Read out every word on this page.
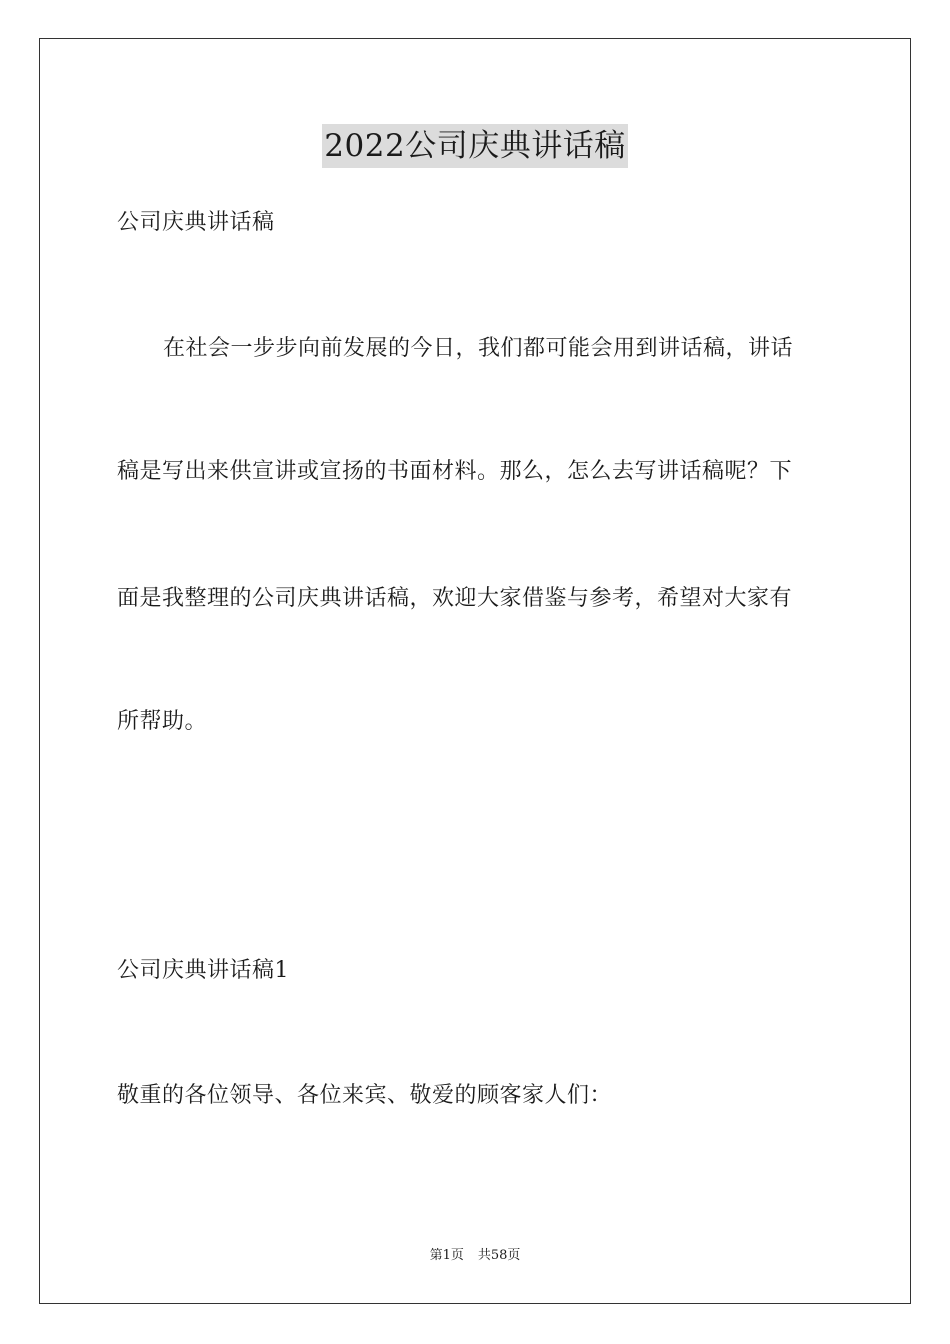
2022公司庆典讲话稿
公司庆典讲话稿
在社会一步步向前发展的今日，我们都可能会用到讲话稿，讲话
稿是写出来供宣讲或宣扬的书面材料。那么，怎么去写讲话稿呢？下
面是我整理的公司庆典讲话稿，欢迎大家借鉴与参考，希望对大家有
所帮助。
公司庆典讲话稿1
敬重的各位领导、各位来宾、敬爱的顾客家人们：
第1页 共58页
